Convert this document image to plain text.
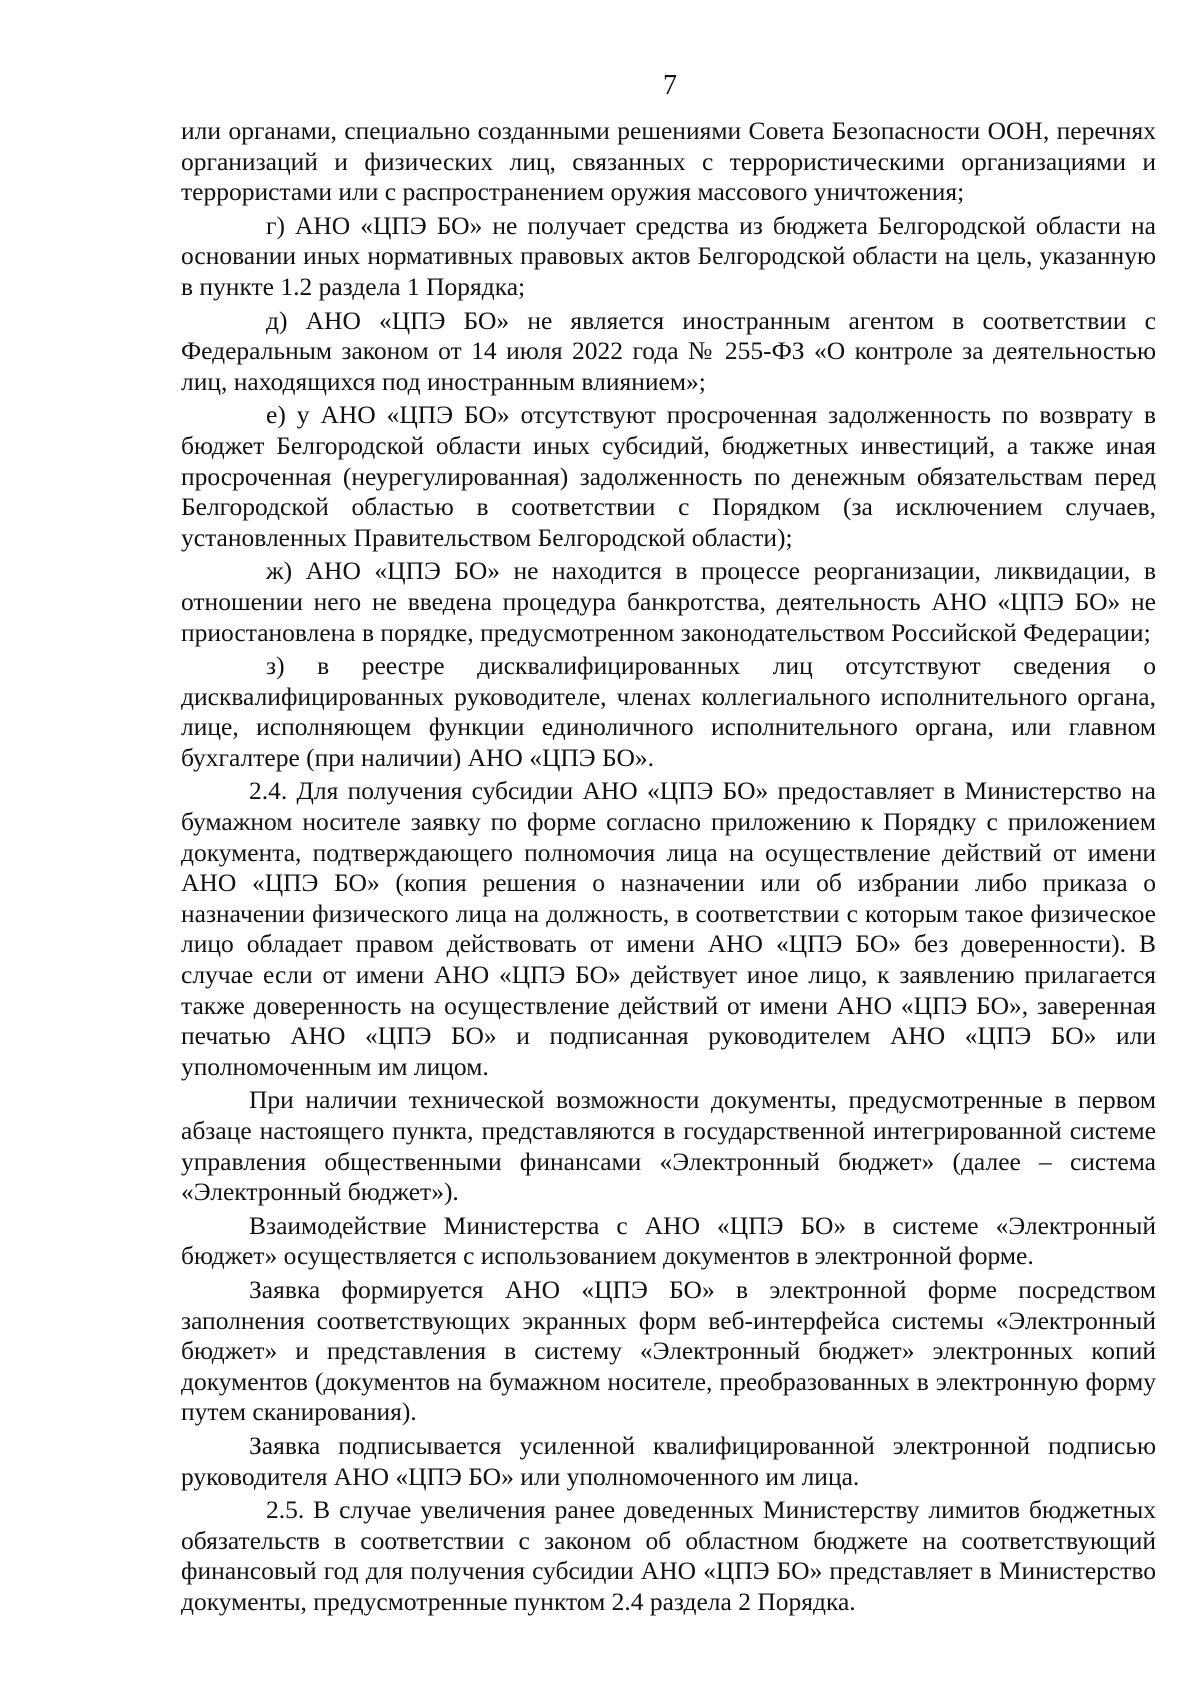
7

или органами, специально созданными решениями Совета Безопасности ООН, перечнях организаций и физических лиц, связанных с террористическими организациями и террористами или с распространением оружия массового уничтожения;

г) АНО «ЦПЭ БО» не получает средства из бюджета Белгородской области на основании иных нормативных правовых актов Белгородской области на цель, указанную в пункте 1.2 раздела 1 Порядка;

д) АНО «ЦПЭ БО» не является иностранным агентом в соответствии с Федеральным законом от 14 июля 2022 года № 255-ФЗ «О контроле за деятельностью лиц, находящихся под иностранным влиянием»;

е) у АНО «ЦПЭ БО» отсутствуют просроченная задолженность по возврату в бюджет Белгородской области иных субсидий, бюджетных инвестиций, а также иная просроченная (неурегулированная) задолженность по денежным обязательствам перед Белгородской областью в соответствии с Порядком (за исключением случаев, установленных Правительством Белгородской области);

ж) АНО «ЦПЭ БО» не находится в процессе реорганизации, ликвидации, в отношении него не введена процедура банкротства, деятельность АНО «ЦПЭ БО» не приостановлена в порядке, предусмотренном законодательством Российской Федерации;

з) в реестре дисквалифицированных лиц отсутствуют сведения о дисквалифицированных руководителе, членах коллегиального исполнительного органа, лице, исполняющем функции единоличного исполнительного органа, или главном бухгалтере (при наличии) АНО «ЦПЭ БО».

2.4. Для получения субсидии АНО «ЦПЭ БО» предоставляет в Министерство на бумажном носителе заявку по форме согласно приложению к Порядку с приложением документа, подтверждающего полномочия лица на осуществление действий от имени АНО «ЦПЭ БО» (копия решения о назначении или об избрании либо приказа о назначении физического лица на должность, в соответствии с которым такое физическое лицо обладает правом действовать от имени АНО «ЦПЭ БО» без доверенности). В случае если от имени АНО «ЦПЭ БО» действует иное лицо, к заявлению прилагается также доверенность на осуществление действий от имени АНО «ЦПЭ БО», заверенная печатью АНО «ЦПЭ БО» и подписанная руководителем АНО «ЦПЭ БО» или уполномоченным им лицом.

При наличии технической возможности документы, предусмотренные в первом абзаце настоящего пункта, представляются в государственной интегрированной системе управления общественными финансами «Электронный бюджет» (далее – система «Электронный бюджет»).

Взаимодействие Министерства с АНО «ЦПЭ БО» в системе «Электронный бюджет» осуществляется с использованием документов в электронной форме.

Заявка формируется АНО «ЦПЭ БО» в электронной форме посредством заполнения соответствующих экранных форм веб-интерфейса системы «Электронный бюджет» и представления в систему «Электронный бюджет» электронных копий документов (документов на бумажном носителе, преобразованных в электронную форму путем сканирования).

Заявка подписывается усиленной квалифицированной электронной подписью руководителя АНО «ЦПЭ БО» или уполномоченного им лица.

2.5. В случае увеличения ранее доведенных Министерству лимитов бюджетных обязательств в соответствии с законом об областном бюджете на соответствующий финансовый год для получения субсидии АНО «ЦПЭ БО» представляет в Министерство документы, предусмотренные пунктом 2.4 раздела 2 Порядка.
